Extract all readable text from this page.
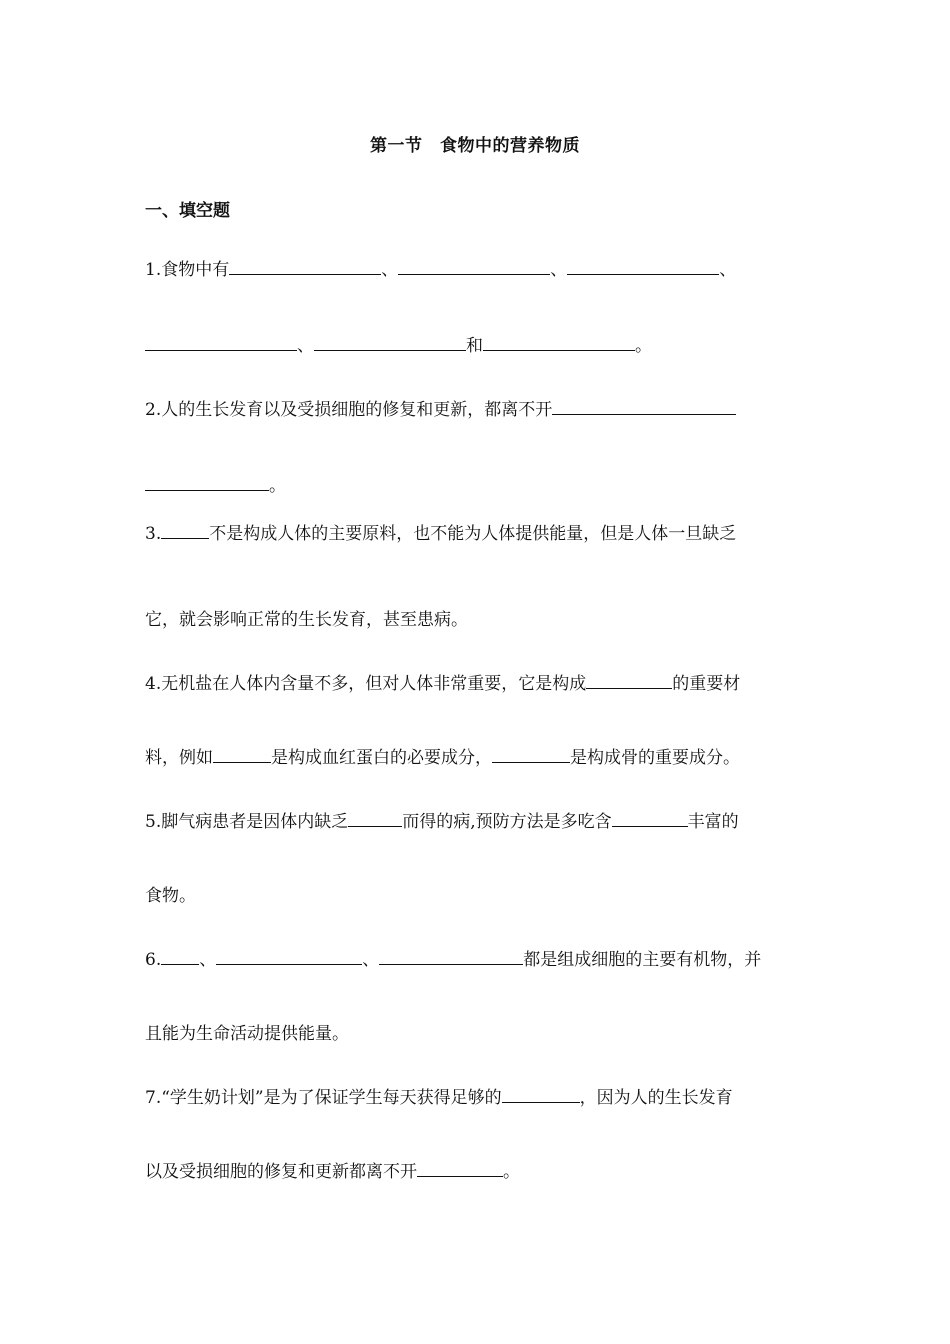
第一节　食物中的营养物质
一、填空题
1.食物中有	、	、	、
、	和	。
2.人的生长发育以及受损细胞的修复和更新，都离不开
。
3.	不是构成人体的主要原料，也不能为人体提供能量，但是人体一旦缺乏
它，就会影响正常的生长发育，甚至患病。
4.无机盐在人体内含量不多，但对人体非常重要，它是构成	的重要材
料，例如	是构成血红蛋白的必要成分，	是构成骨的重要成分。
5.脚气病患者是因体内缺乏	而得的病,预防方法是多吃含	丰富的
食物。
6. 、	、	都是组成细胞的主要有机物，并
且能为生命活动提供能量。
7.“学生奶计划”是为了保证学生每天获得足够的	，因为人的生长发育
以及受损细胞的修复和更新都离不开	。
